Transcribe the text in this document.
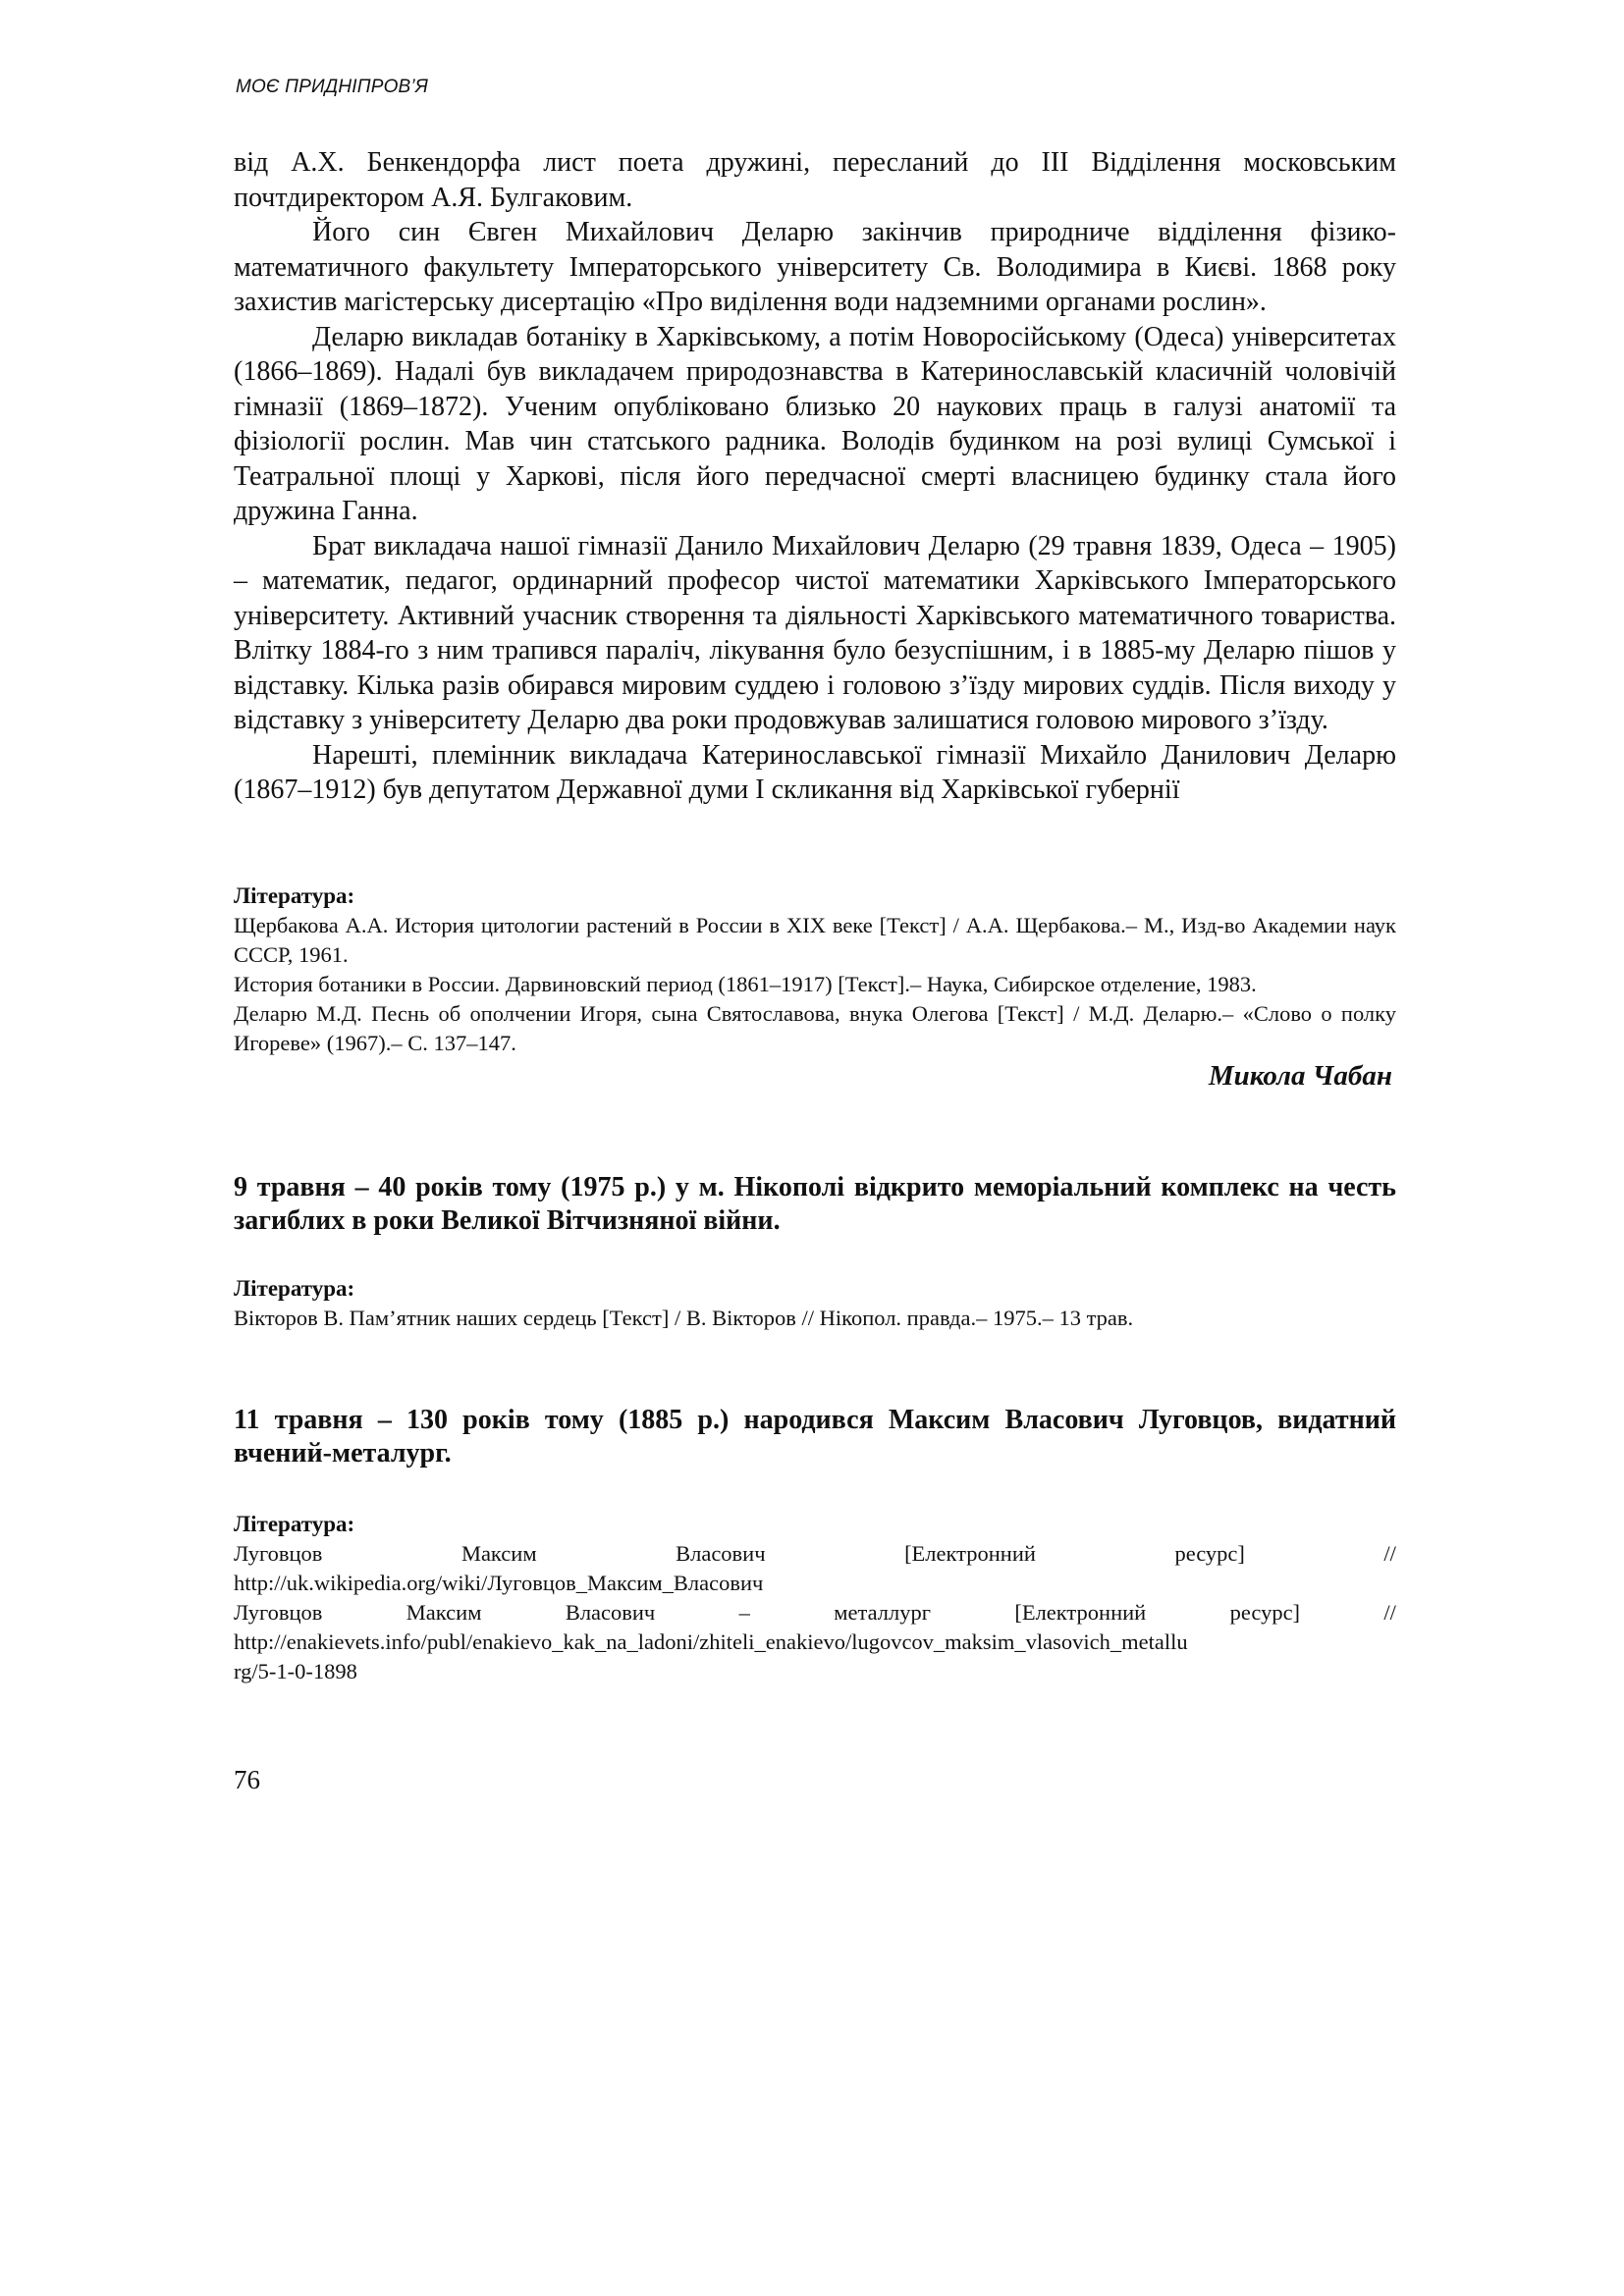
МОЄ ПРИДНІПРОВ’Я

від А.Х. Бенкендорфа лист поета дружині, пересланий до ІІІ Відділення московським почтдиректором А.Я. Булгаковим.

Його син Євген Михайлович Деларю закінчив природниче відділення фізико-математичного факультету Імператорського університету Св. Володимира в Києві. 1868 року захистив магістерську дисертацію «Про виділення води надземними органами рослин».

Деларю викладав ботаніку в Харківському, а потім Новоросійському (Одеса) університетах (1866–1869). Надалі був викладачем природознавства в Катеринославській класичній чоловічій гімназії (1869–1872). Ученим опубліковано близько 20 наукових праць в галузі анатомії та фізіології рослин. Мав чин статського радника. Володів будинком на розі вулиці Сумської і Театральної площі у Харкові, після його передчасної смерті власницею будинку стала його дружина Ганна.

Брат викладача нашої гімназії Данило Михайлович Деларю (29 травня 1839, Одеса – 1905) – математик, педагог, ординарний професор чистої математики Харківського Імператорського університету. Активний учасник створення та діяльності Харківського математичного товариства. Влітку 1884-го з ним трапився параліч, лікування було безуспішним, і в 1885-му Деларю пішов у відставку. Кілька разів обирався мировим суддею і головою з’їзду мирових суддів. Після виходу у відставку з університету Деларю два роки продовжував залишатися головою мирового з’їзду.

Нарешті, племінник викладача Катеринославської гімназії Михайло Данилович Деларю (1867–1912) був депутатом Державної думи І скликання від Харківської губернії

Література:

Щербакова А.А. История цитологии растений в России в XIX веке [Текст] / А.А. Щербакова.– М., Изд-во Академии наук СССР, 1961.
История ботаники в России. Дарвиновский период (1861–1917) [Текст].– Наука, Сибирское отделение, 1983.
Деларю М.Д. Песнь об ополчении Игоря, сына Святославова, внука Олегова [Текст] / М.Д. Деларю.– «Слово о полку Игореве» (1967).– С. 137–147.
Микола Чабан

9 травня – 40 років тому (1975 р.) у м. Нікополі відкрито меморіальний комплекс на честь загиблих в роки Великої Вітчизняної війни.

Література:

Вікторов В. Пам’ятник наших сердець [Текст] / В. Вікторов // Нікопол. правда.– 1975.– 13 трав.

11 травня – 130 років тому (1885 р.) народився Максим Власович Луговцов, видатний вчений-металург.

Література:

Луговцов	Максим	Власович	[Електронний	ресурс]	//
http://uk.wikipedia.org/wiki/Луговцов_Максим_Власович
Луговцов	Максим	Власович	–	металлург	[Електронний	ресурс]	//
http://enakievets.info/publ/enakievo_kak_na_ladoni/zhiteli_enakievo/lugovcov_maksim_vlasovich_metallu
rg/5-1-0-1898
76
